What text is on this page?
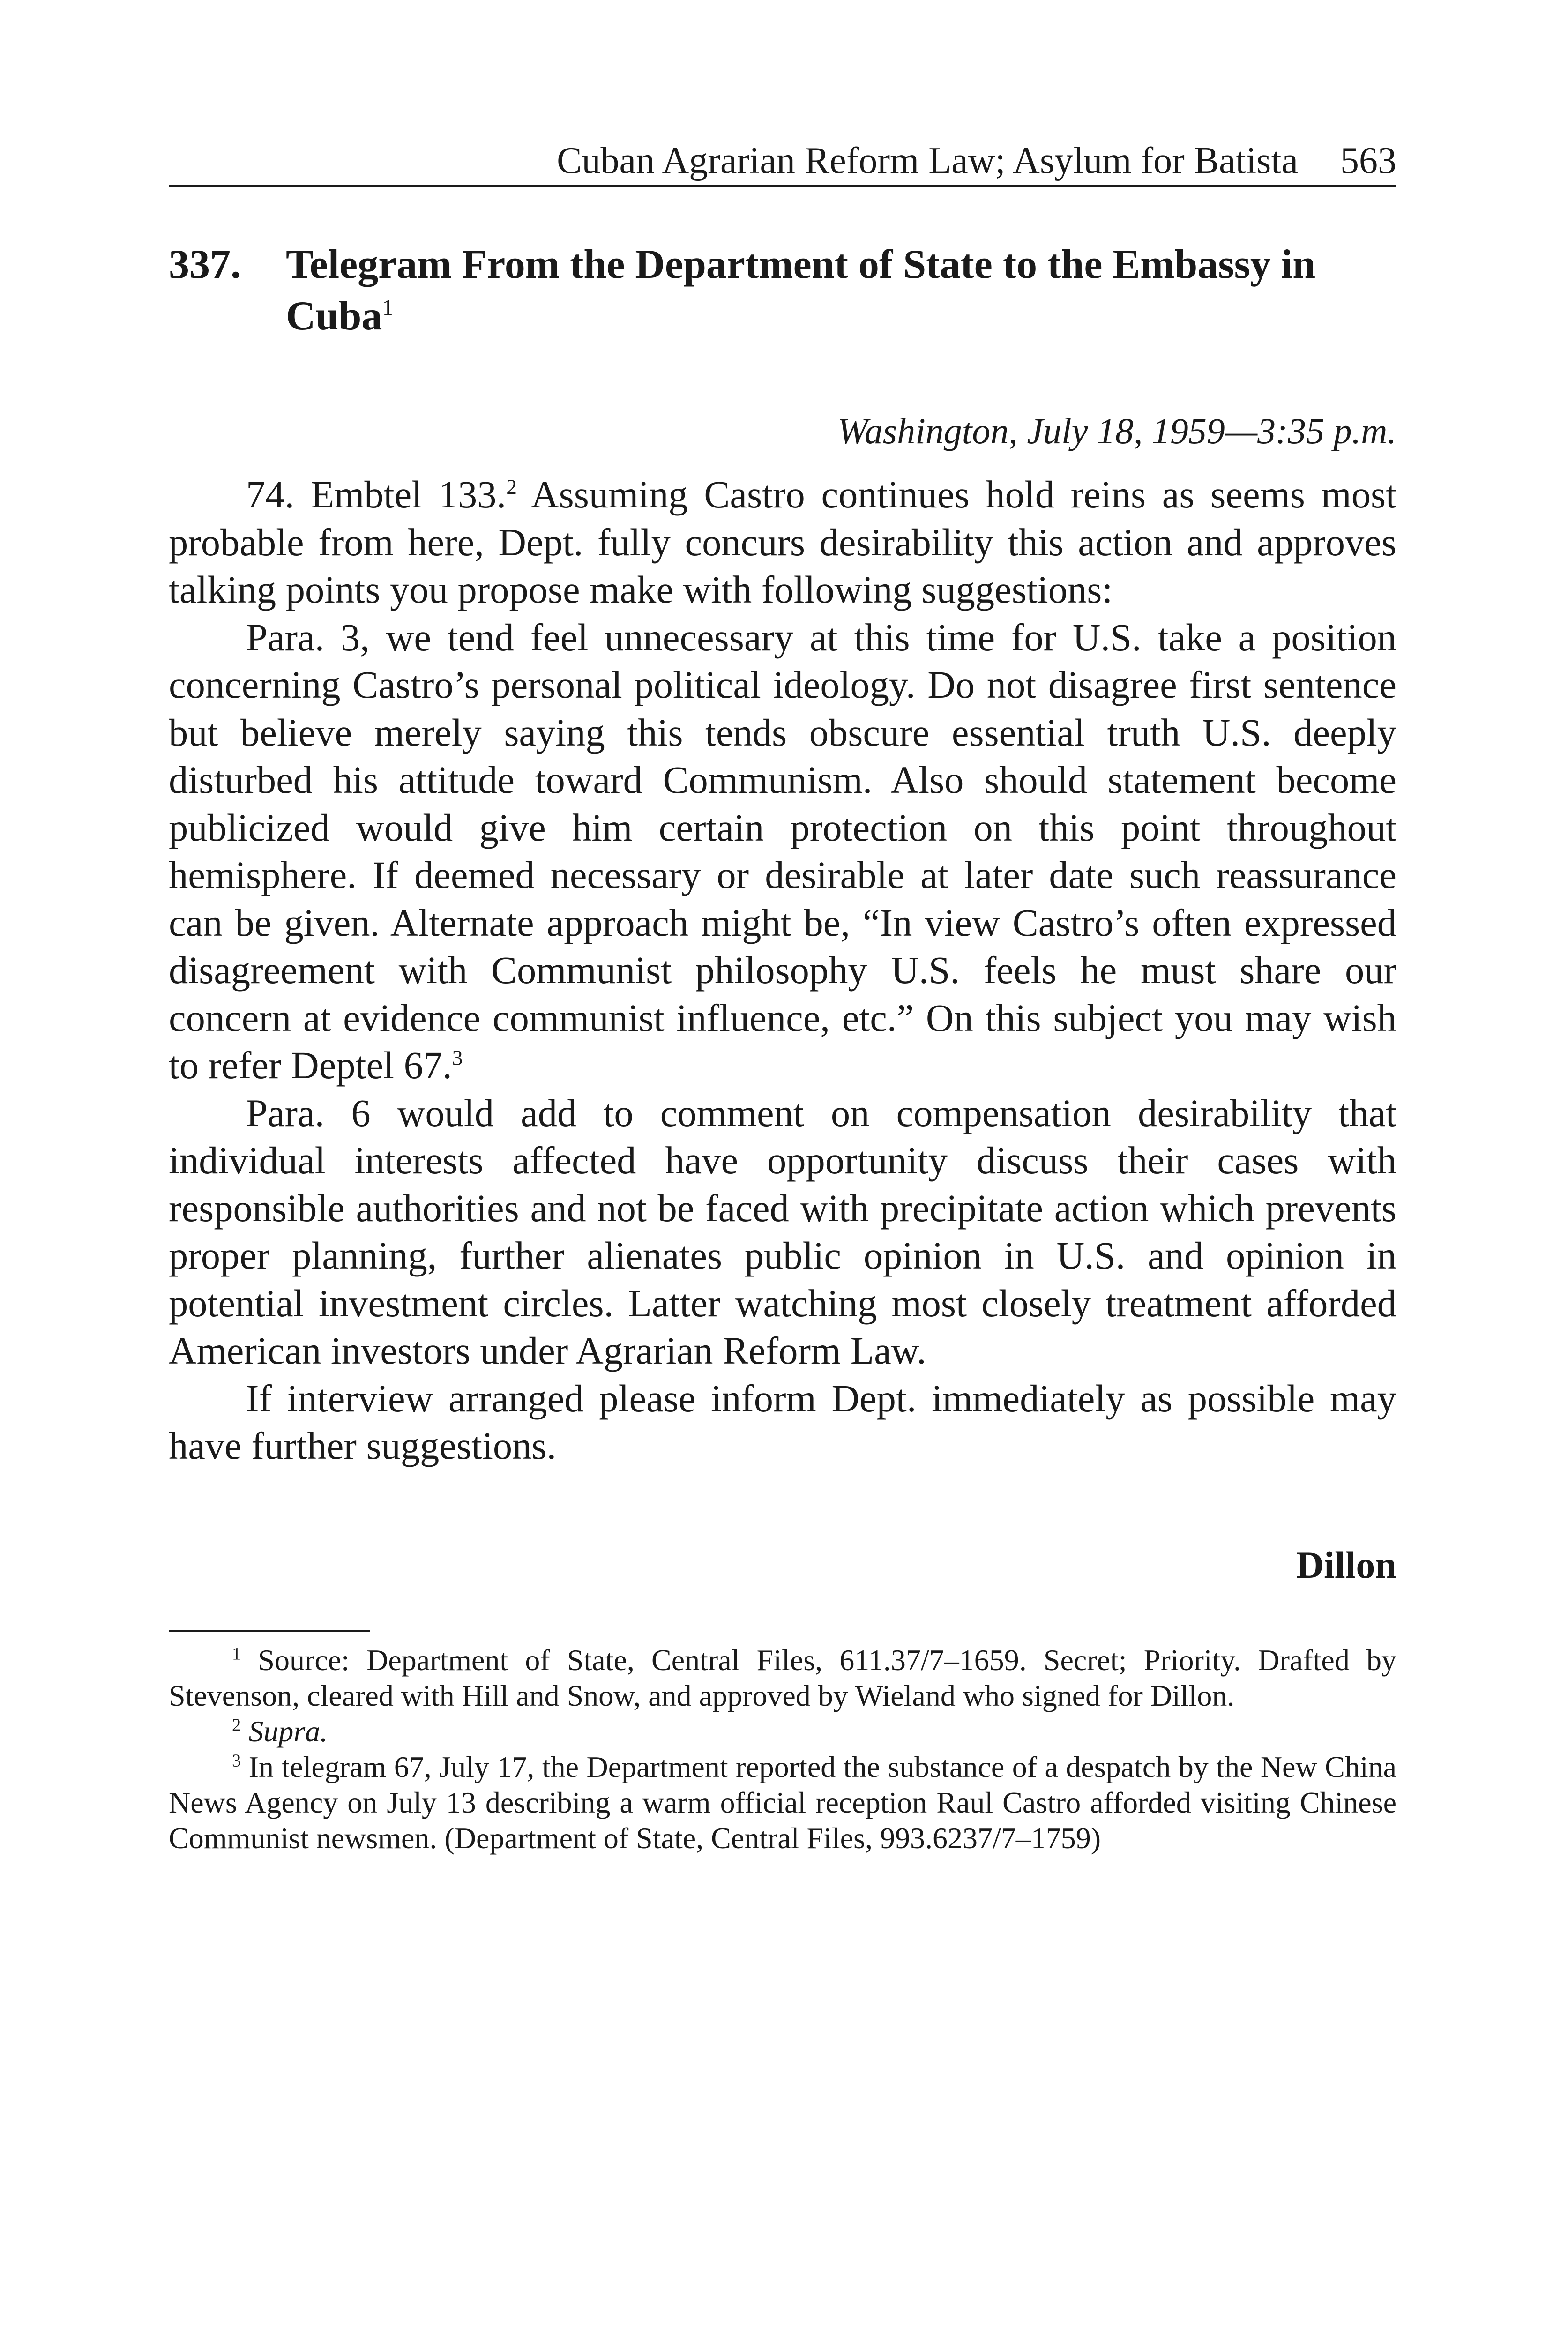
Cuban Agrarian Reform Law; Asylum for Batista 563
337. Telegram From the Department of State to the Embassy in Cuba$^1$
Washington, July 18, 1959—3:35 p.m.

74. Embtel 133.$^2$ Assuming Castro continues hold reins as seems most probable from here, Dept. fully concurs desirability this action and approves talking points you propose make with following suggestions:

Para. 3, we tend feel unnecessary at this time for U.S. take a position concerning Castro’s personal political ideology. Do not disagree first sentence but believe merely saying this tends obscure essential truth U.S. deeply disturbed his attitude toward Communism. Also should statement become publicized would give him certain protection on this point throughout hemisphere. If deemed necessary or desirable at later date such reassurance can be given. Alternate approach might be, “In view Castro’s often expressed disagreement with Communist philosophy U.S. feels he must share our concern at evidence communist influence, etc.” On this subject you may wish to refer Deptel 67.$^3$

Para. 6 would add to comment on compensation desirability that individual interests affected have opportunity discuss their cases with responsible authorities and not be faced with precipitate action which prevents proper planning, further alienates public opinion in U.S. and opinion in potential investment circles. Latter watching most closely treatment afforded American investors under Agrarian Reform Law.

If interview arranged please inform Dept. immediately as possible may have further suggestions.

Dillon

$^1$ Source: Department of State, Central Files, 611.37/7–1659. Secret; Priority. Drafted by Stevenson, cleared with Hill and Snow, and approved by Wieland who signed for Dillon.

$^2$ Supra.

$^3$ In telegram 67, July 17, the Department reported the substance of a despatch by the New China News Agency on July 13 describing a warm official reception Raul Castro afforded visiting Chinese Communist newsmen. (Department of State, Central Files, 993.6237/7–1759)
